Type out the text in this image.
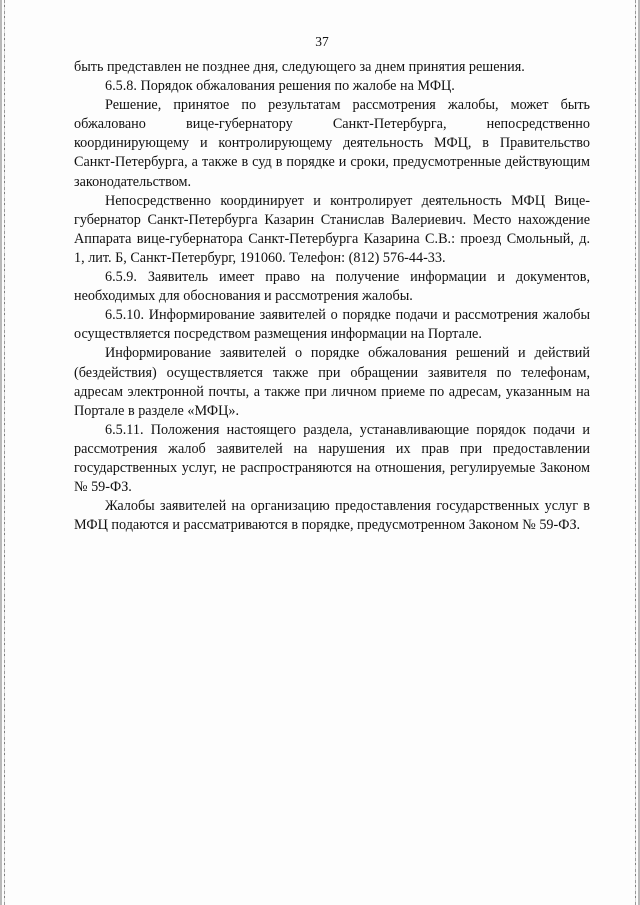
37

быть представлен не позднее дня, следующего за днем принятия решения.

6.5.8. Порядок обжалования решения по жалобе на МФЦ.

Решение, принятое по результатам рассмотрения жалобы, может быть обжаловано вице-губернатору Санкт-Петербурга, непосредственно координирующему и контролирующему деятельность МФЦ, в Правительство Санкт-Петербурга, а также в суд в порядке и сроки, предусмотренные действующим законодательством.

Непосредственно координирует и контролирует деятельность МФЦ Вице-губернатор Санкт-Петербурга Казарин Станислав Валериевич. Место нахождение Аппарата вице-губернатора Санкт-Петербурга Казарина С.В.: проезд Смольный, д. 1, лит. Б, Санкт-Петербург, 191060. Телефон: (812) 576-44-33.

6.5.9. Заявитель имеет право на получение информации и документов, необходимых для обоснования и рассмотрения жалобы.

6.5.10. Информирование заявителей о порядке подачи и рассмотрения жалобы осуществляется посредством размещения информации на Портале.

Информирование заявителей о порядке обжалования решений и действий (бездействия) осуществляется также при обращении заявителя по телефонам, адресам электронной почты, а также при личном приеме по адресам, указанным на Портале в разделе «МФЦ».

6.5.11. Положения настоящего раздела, устанавливающие порядок подачи и рассмотрения жалоб заявителей на нарушения их прав при предоставлении государственных услуг, не распространяются на отношения, регулируемые Законом № 59-ФЗ.

Жалобы заявителей на организацию предоставления государственных услуг в МФЦ подаются и рассматриваются в порядке, предусмотренном Законом № 59-ФЗ.
